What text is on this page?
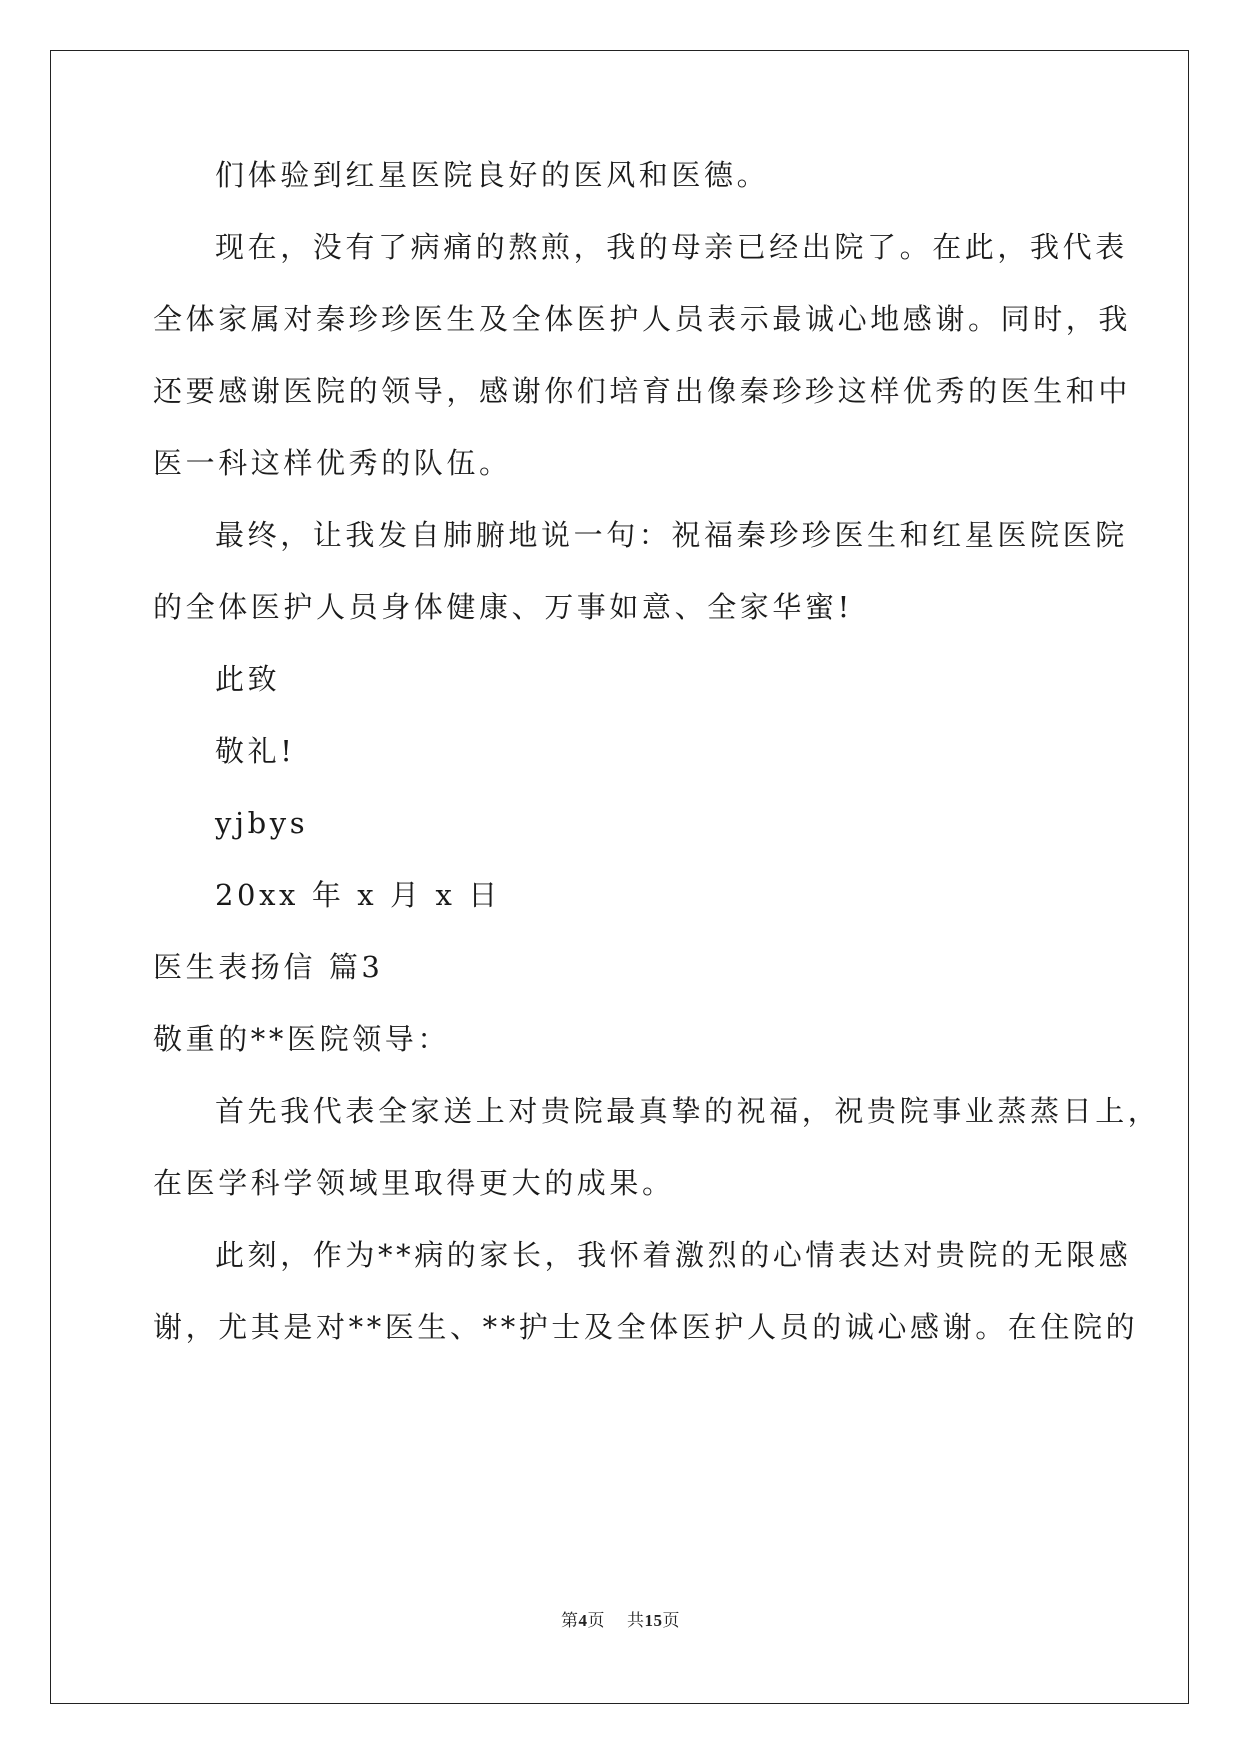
们体验到红星医院良好的医风和医德。
现在，没有了病痛的熬煎，我的母亲已经出院了。在此，我代表
全体家属对秦珍珍医生及全体医护人员表示最诚心地感谢。同时，我
还要感谢医院的领导，感谢你们培育出像秦珍珍这样优秀的医生和中
医一科这样优秀的队伍。
最终，让我发自肺腑地说一句：祝福秦珍珍医生和红星医院医院
的全体医护人员身体健康、万事如意、全家华蜜!
此致
敬礼!
yjbys
20xx 年 x 月 x 日
医生表扬信 篇3
敬重的**医院领导：
首先我代表全家送上对贵院最真挚的祝福，祝贵院事业蒸蒸日上，
在医学科学领域里取得更大的成果。
此刻，作为**病的家长，我怀着激烈的心情表达对贵院的无限感
谢，尤其是对**医生、**护士及全体医护人员的诚心感谢。在住院的
第4页 共15页
